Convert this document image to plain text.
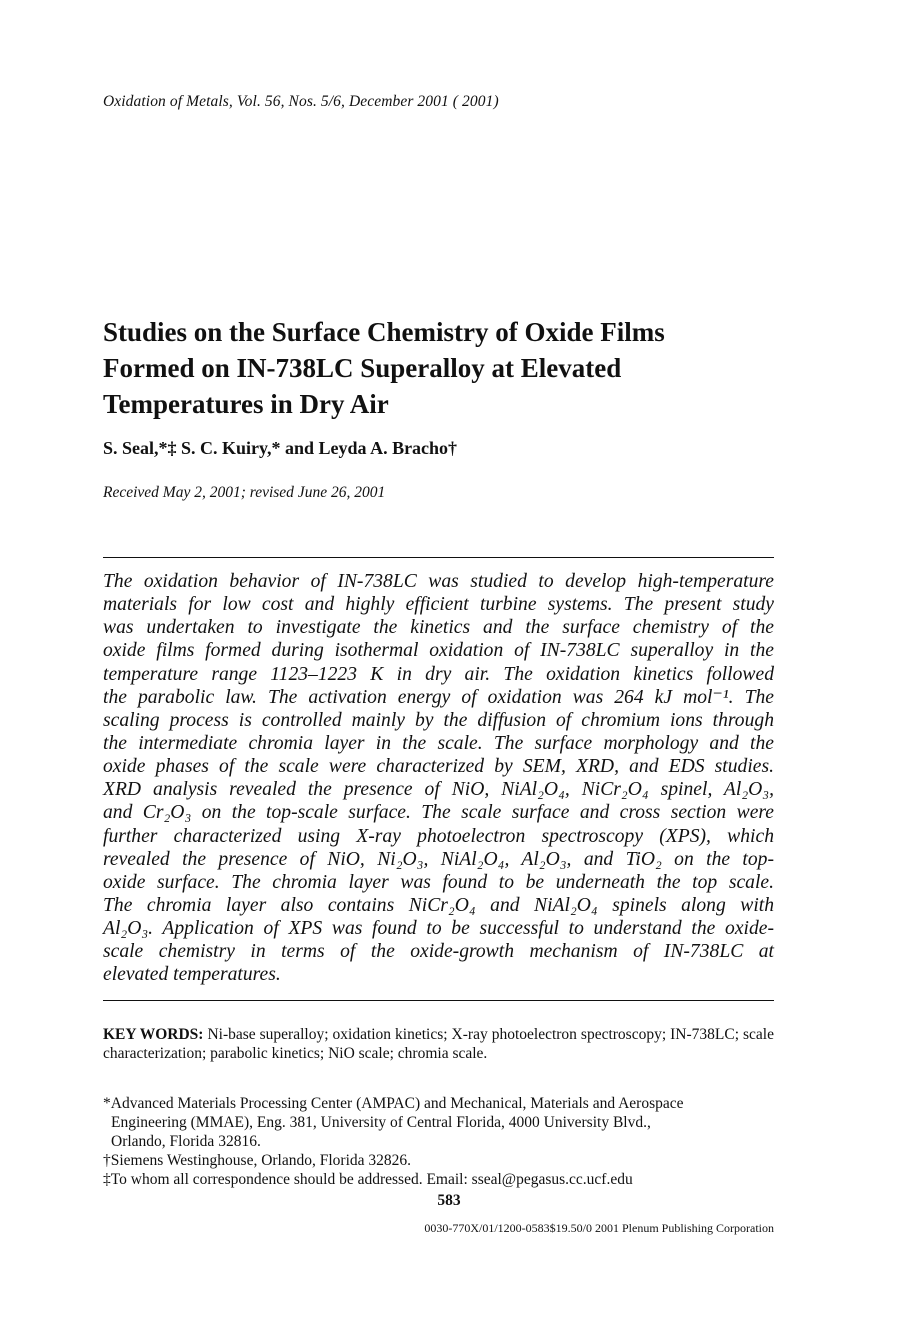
Oxidation of Metals, Vol. 56, Nos. 5/6, December 2001 ( 2001)
Studies on the Surface Chemistry of Oxide Films
Formed on IN-738LC Superalloy at Elevated
Temperatures in Dry Air
S. Seal,*‡ S. C. Kuiry,* and Leyda A. Bracho†
Received May 2, 2001; revised June 26, 2001
The oxidation behavior of IN-738LC was studied to develop high-temperature
materials for low cost and highly efficient turbine systems. The present study
was undertaken to investigate the kinetics and the surface chemistry of the
oxide films formed during isothermal oxidation of IN-738LC superalloy in the
temperature range 1123–1223 K in dry air. The oxidation kinetics followed
the parabolic law. The activation energy of oxidation was 264 kJ mol⁻¹. The
scaling process is controlled mainly by the diffusion of chromium ions through
the intermediate chromia layer in the scale. The surface morphology and the
oxide phases of the scale were characterized by SEM, XRD, and EDS studies.
XRD analysis revealed the presence of NiO, NiAl₂O₄, NiCr₂O₄ spinel, Al₂O₃,
and Cr₂O₃ on the top-scale surface. The scale surface and cross section were
further characterized using X-ray photoelectron spectroscopy (XPS), which
revealed the presence of NiO, Ni₂O₃, NiAl₂O₄, Al₂O₃, and TiO₂ on the top-
oxide surface. The chromia layer was found to be underneath the top scale.
The chromia layer also contains NiCr₂O₄ and NiAl₂O₄ spinels along with
Al₂O₃. Application of XPS was found to be successful to understand the oxide-
scale chemistry in terms of the oxide-growth mechanism of IN-738LC at
elevated temperatures.
KEY WORDS: Ni-base superalloy; oxidation kinetics; X-ray photoelectron spectroscopy; IN-738LC; scale characterization; parabolic kinetics; NiO scale; chromia scale.
*Advanced Materials Processing Center (AMPAC) and Mechanical, Materials and Aerospace
Engineering (MMAE), Eng. 381, University of Central Florida, 4000 University Blvd.,
Orlando, Florida 32816.
†Siemens Westinghouse, Orlando, Florida 32826.
‡To whom all correspondence should be addressed. Email: sseal@pegasus.cc.ucf.edu
583
0030-770X/01/1200-0583$19.50/0 2001 Plenum Publishing Corporation
